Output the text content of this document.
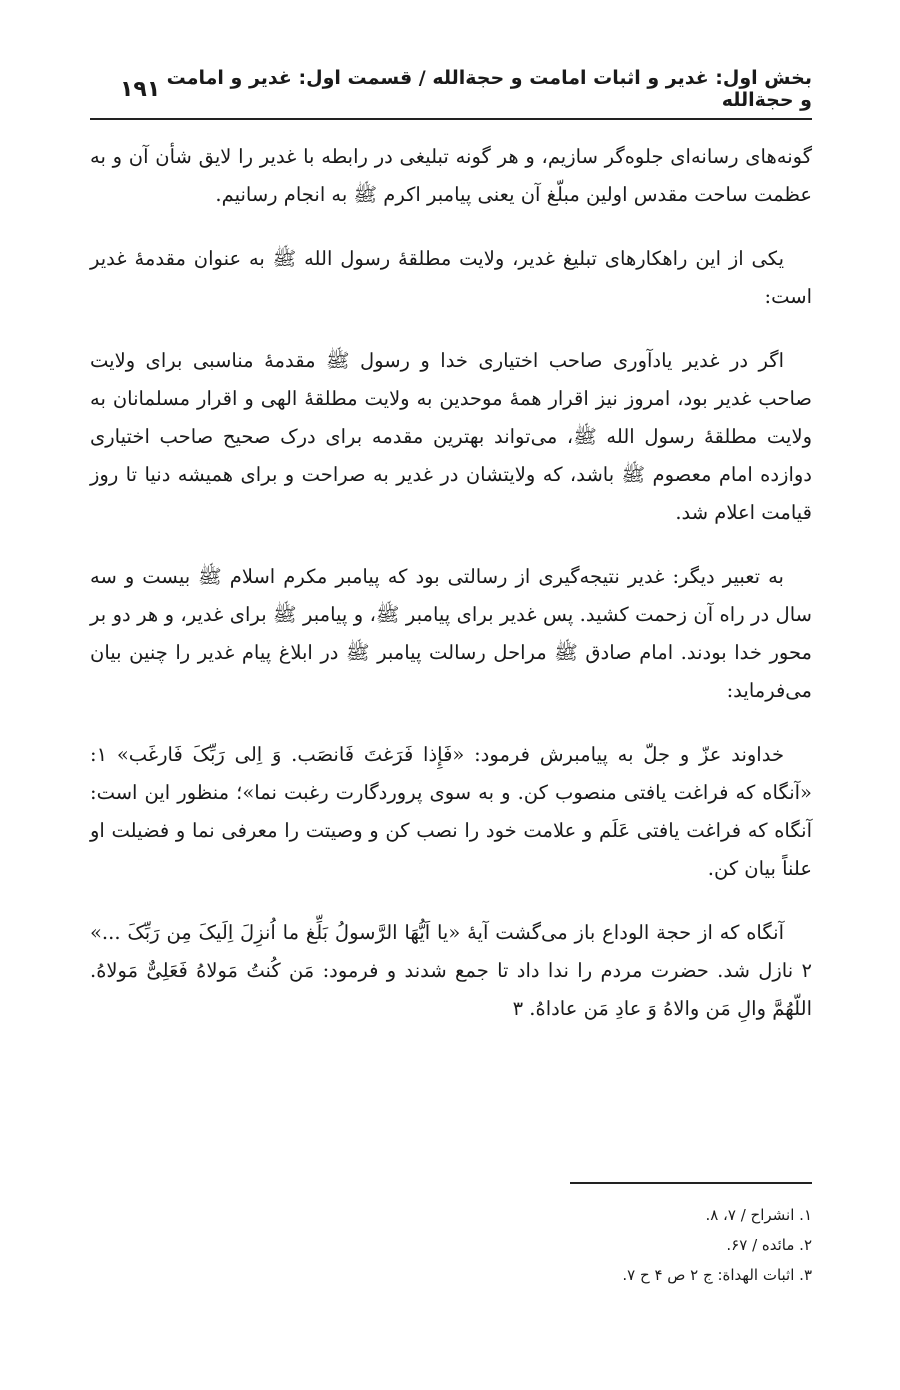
بخش اول: غدیر و اثبات امامت و حجةالله / قسمت اول: غدیر و امامت و حجةالله
۱۹۱

گونه‌های رسانه‌ای جلوه‌گر سازیم، و هر گونه تبلیغی در رابطه با غدیر را لایق شأن آن و به عظمت ساحت مقدس اولین مبلّغ آن یعنی پیامبر اکرم ﷺ به انجام رسانیم.

یکی از این راهکارهای تبلیغ غدیر، ولایت مطلقهٔ رسول الله ﷺ به عنوان مقدمهٔ غدیر است:

اگر در غدیر یادآوری صاحب اختیاری خدا و رسول ﷺ مقدمهٔ مناسبی برای ولایت صاحب غدیر بود، امروز نیز اقرار همهٔ موحدین به ولایت مطلقهٔ الهی و اقرار مسلمانان به ولایت مطلقهٔ رسول الله ﷺ، می‌تواند بهترین مقدمه برای درک صحیح صاحب اختیاری دوازده امام معصوم ﷺ باشد، که ولایتشان در غدیر به صراحت و برای همیشه دنیا تا روز قیامت اعلام شد.

به تعبیر دیگر: غدیر نتیجه‌گیری از رسالتی بود که پیامبر مکرم اسلام ﷺ بیست و سه سال در راه آن زحمت کشید. پس غدیر برای پیامبر ﷺ، و پیامبر ﷺ برای غدیر، و هر دو بر محور خدا بودند. امام صادق ﷺ مراحل رسالت پیامبر ﷺ در ابلاغ پیام غدیر را چنین بیان می‌فرماید:

خداوند عزّ و جلّ به پیامبرش فرمود: «فَإِذا فَرَغتَ فَانصَب. وَ اِلی رَبِّکَ فَارغَب» ۱: «آنگاه که فراغت یافتی منصوب کن. و به سوی پروردگارت رغبت نما»؛ منظور این است: آنگاه که فراغت یافتی عَلَم و علامت خود را نصب کن و وصیتت را معرفی نما و فضیلت او علناً بیان کن.

آنگاه که از حجة الوداع باز می‌گشت آیهٔ «یا اَیُّهَا الرَّسولُ بَلِّغ ما اُنزِلَ اِلَیکَ مِن رَبِّکَ ...» ۲ نازل شد. حضرت مردم را ندا داد تا جمع شدند و فرمود: مَن کُنتُ مَولاهُ فَعَلِیٌّ مَولاهُ. اللّهُمَّ والِ مَن والاهُ وَ عادِ مَن عاداهُ. ۳

۱. انشراح / ۷، ۸.
۲. مائده / ۶۷.
۳. اثبات الهداة: ج ۲ ص ۴ ح ۷.
